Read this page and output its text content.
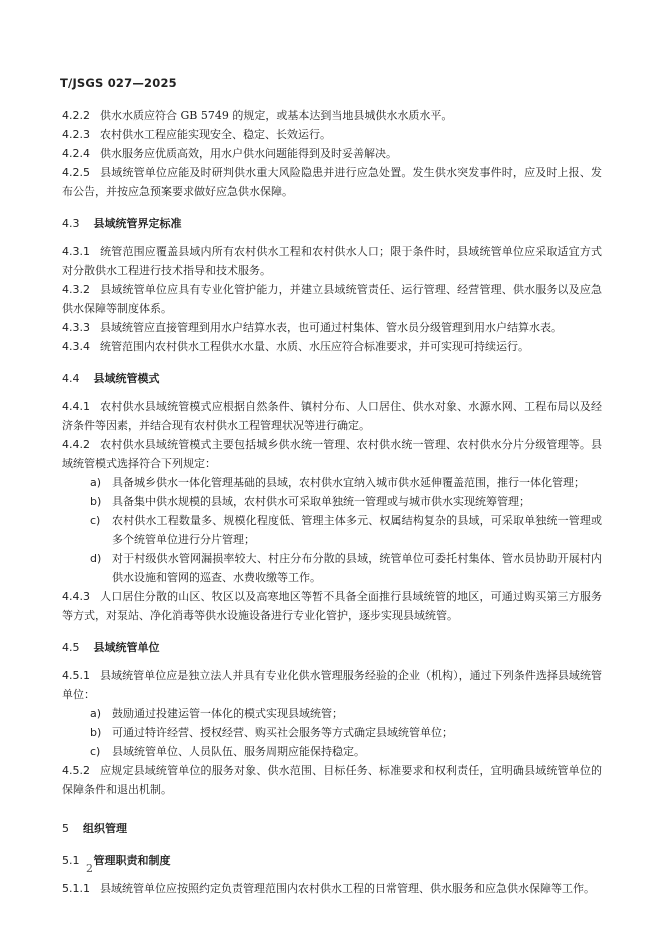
T/JSGS 027—2025

4.2.2 供水水质应符合 GB 5749 的规定，或基本达到当地县城供水水质水平。

4.2.3 农村供水工程应能实现安全、稳定、长效运行。

4.2.4 供水服务应优质高效，用水户供水问题能得到及时妥善解决。

4.2.5 县域统管单位应能及时研判供水重大风险隐患并进行应急处置。发生供水突发事件时，应及时上报、发布公告，并按应急预案要求做好应急供水保障。

4.3 县域统管界定标准

4.3.1 统管范围应覆盖县域内所有农村供水工程和农村供水人口；限于条件时，县域统管单位应采取适宜方式对分散供水工程进行技术指导和技术服务。

4.3.2 县域统管单位应具有专业化管护能力，并建立县域统管责任、运行管理、经营管理、供水服务以及应急供水保障等制度体系。

4.3.3 县域统管应直接管理到用水户结算水表，也可通过村集体、管水员分级管理到用水户结算水表。

4.3.4 统管范围内农村供水工程供水水量、水质、水压应符合标准要求，并可实现可持续运行。

4.4 县域统管模式

4.4.1 农村供水县域统管模式应根据自然条件、镇村分布、人口居住、供水对象、水源水网、工程布局以及经济条件等因素，并结合现有农村供水工程管理状况等进行确定。

4.4.2 农村供水县域统管模式主要包括城乡供水统一管理、农村供水统一管理、农村供水分片分级管理等。县域统管模式选择符合下列规定：

a) 具备城乡供水一体化管理基础的县域，农村供水宜纳入城市供水延伸覆盖范围，推行一体化管理；
b) 具备集中供水规模的县域，农村供水可采取单独统一管理或与城市供水实现统筹管理；
c)	农村供水工程数量多、规模化程度低、管理主体多元、权属结构复杂的县域，可采取单独统一管理或多个统管单位进行分片管理；
d) 对于村级供水管网漏损率较大、村庄分布分散的县域，统管单位可委托村集体、管水员协助开展村内供水设施和管网的巡查、水费收缴等工作。

4.4.3 人口居住分散的山区、牧区以及高寒地区等暂不具备全面推行县域统管的地区，可通过购买第三方服务等方式，对泵站、净化消毒等供水设施设备进行专业化管护，逐步实现县域统管。

4.5 县域统管单位

4.5.1 县域统管单位应是独立法人并具有专业化供水管理服务经验的企业（机构），通过下列条件选择县域统管单位：

a) 鼓励通过投建运管一体化的模式实现县域统管；
b) 可通过特许经营、授权经营、购买社会服务等方式确定县域统管单位；
c)	县域统管单位、人员队伍、服务周期应能保持稳定。

4.5.2 应规定县域统管单位的服务对象、供水范围、目标任务、标准要求和权利责任，宜明确县域统管单位的保障条件和退出机制。

5 组织管理
5.1 管理职责和制度

5.1.1 县域统管单位应按照约定负责管理范围内农村供水工程的日常管理、供水服务和应急供水保障等工作。

2
